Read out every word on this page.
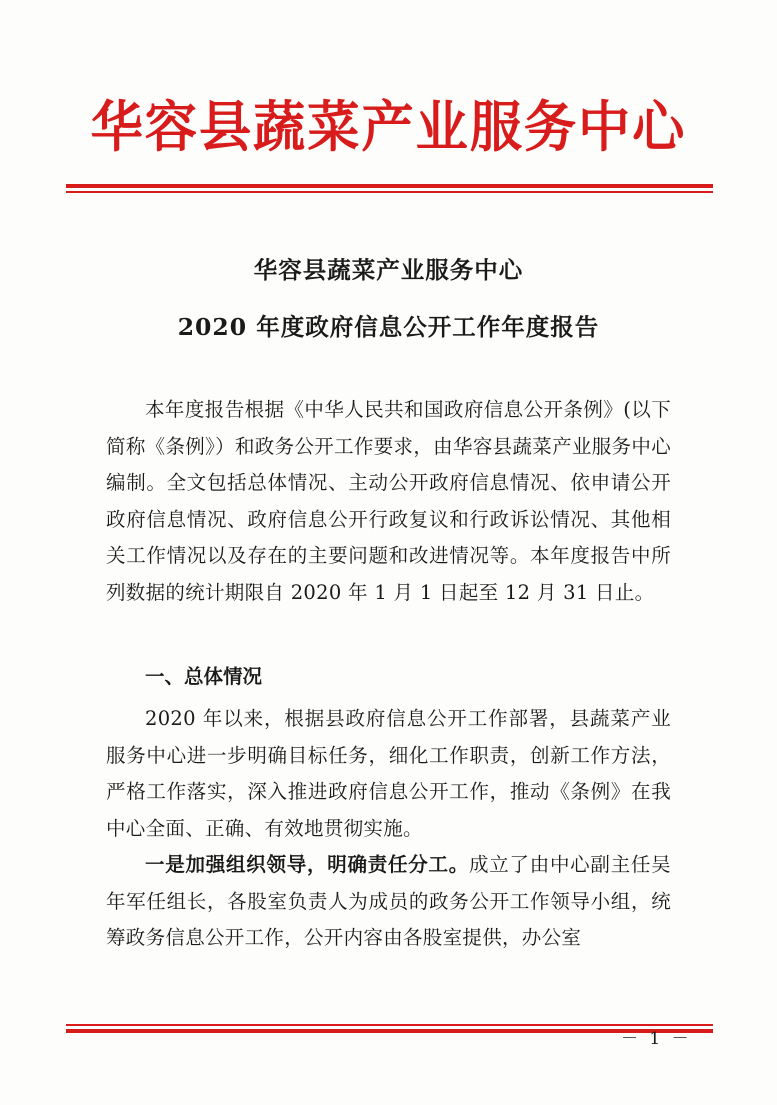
华容县蔬菜产业服务中心
华容县蔬菜产业服务中心
2020 年度政府信息公开工作年度报告
本年度报告根据《中华人民共和国政府信息公开条例》(以下简称《条例》）和政务公开工作要求，由华容县蔬菜产业服务中心编制。全文包括总体情况、主动公开政府信息情况、依申请公开政府信息情况、政府信息公开行政复议和行政诉讼情况、其他相关工作情况以及存在的主要问题和改进情况等。本年度报告中所列数据的统计期限自 2020 年 1 月 1 日起至 12 月 31 日止。
一、总体情况
2020 年以来，根据县政府信息公开工作部署，县蔬菜产业服务中心进一步明确目标任务，细化工作职责，创新工作方法，严格工作落实，深入推进政府信息公开工作，推动《条例》在我中心全面、正确、有效地贯彻实施。
一是加强组织领导，明确责任分工。成立了由中心副主任吴年军任组长，各股室负责人为成员的政务公开工作领导小组，统筹政务信息公开工作，公开内容由各股室提供，办公室
－ 1 －
